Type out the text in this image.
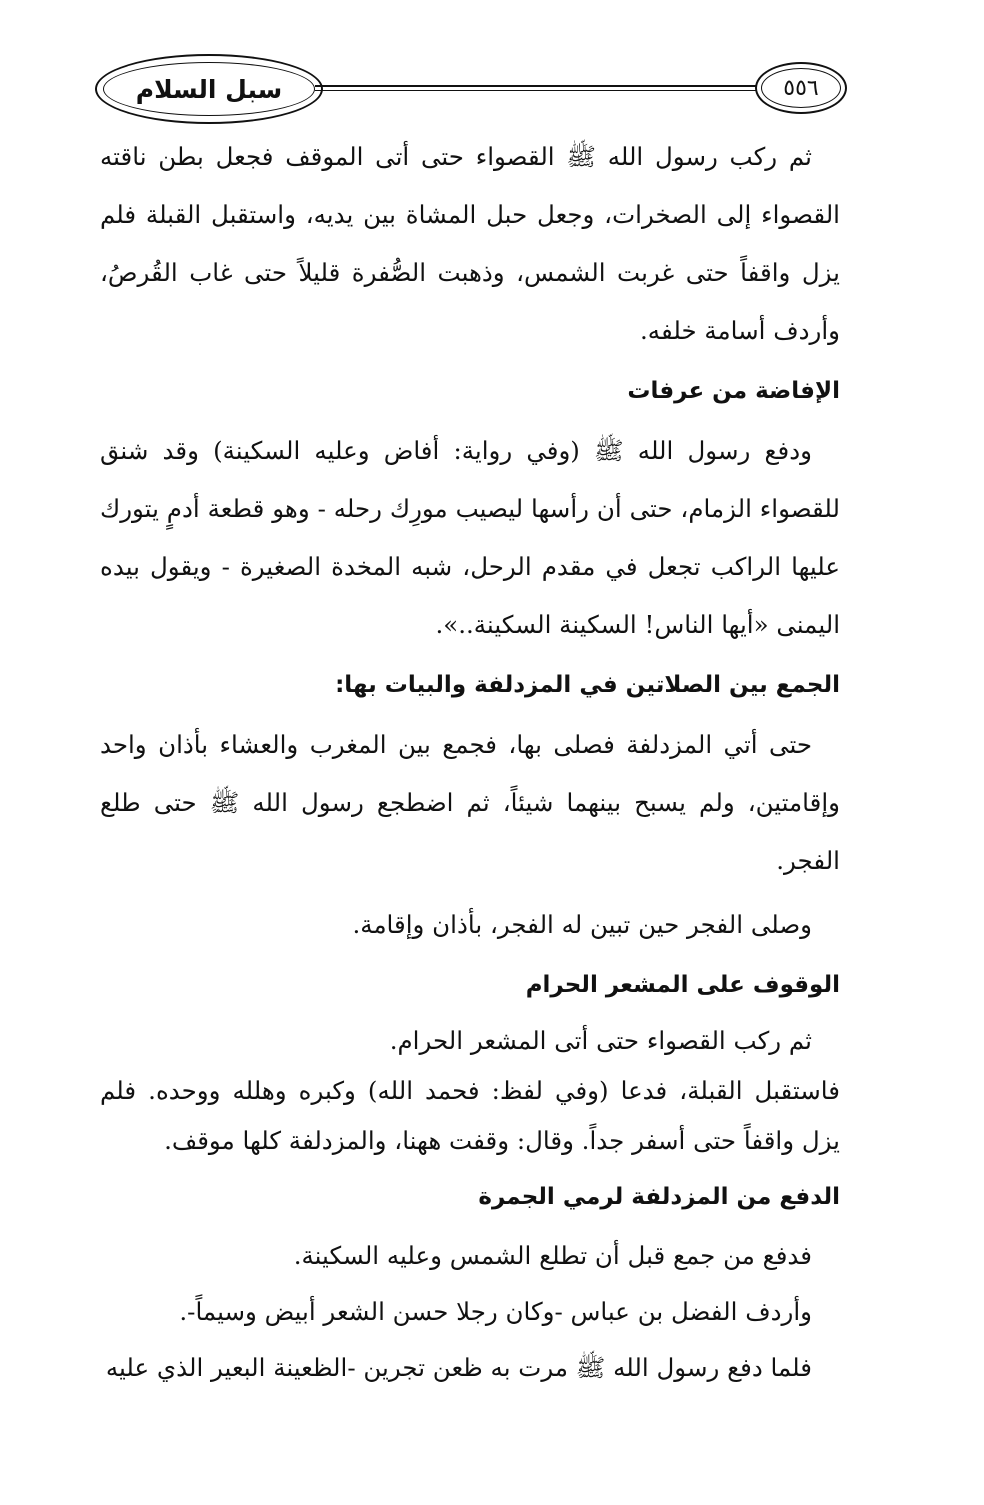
سبل السلام	٥٥٦

ثم ركب رسول الله ﷺ القصواء حتى أتى الموقف فجعل بطن ناقته القصواء إلى الصخرات، وجعل حبل المشاة بين يديه، واستقبل القبلة فلم يزل واقفاً حتى غربت الشمس، وذهبت الصُّفرة قليلاً حتى غاب القُرصُ، وأردف أسامة خلفه.

الإفاضة من عرفات

ودفع رسول الله ﷺ (وفي رواية: أفاض وعليه السكينة) وقد شنق للقصواء الزمام، حتى أن رأسها ليصيب مورِك رحله - وهو قطعة أدمٍ يتورك عليها الراكب تجعل في مقدم الرحل، شبه المخدة الصغيرة - ويقول بيده اليمنى «أيها الناس! السكينة السكينة..».

الجمع بين الصلاتين في المزدلفة والبيات بها:

حتى أتي المزدلفة فصلى بها، فجمع بين المغرب والعشاء بأذان واحد وإقامتين، ولم يسبح بينهما شيئاً، ثم اضطجع رسول الله ﷺ حتى طلع الفجر.

وصلى الفجر حين تبين له الفجر، بأذان وإقامة.

الوقوف على المشعر الحرام

ثم ركب القصواء حتى أتى المشعر الحرام.

فاستقبل القبلة، فدعا (وفي لفظ: فحمد الله) وكبره وهلله ووحده. فلم يزل واقفاً حتى أسفر جداً. وقال: وقفت ههنا، والمزدلفة كلها موقف.

الدفع من المزدلفة لرمي الجمرة

فدفع من جمع قبل أن تطلع الشمس وعليه السكينة.

وأردف الفضل بن عباس -وكان رجلا حسن الشعر أبيض وسيماً-.

فلما دفع رسول الله ﷺ مرت به ظعن تجرين -الظعينة البعير الذي عليه
